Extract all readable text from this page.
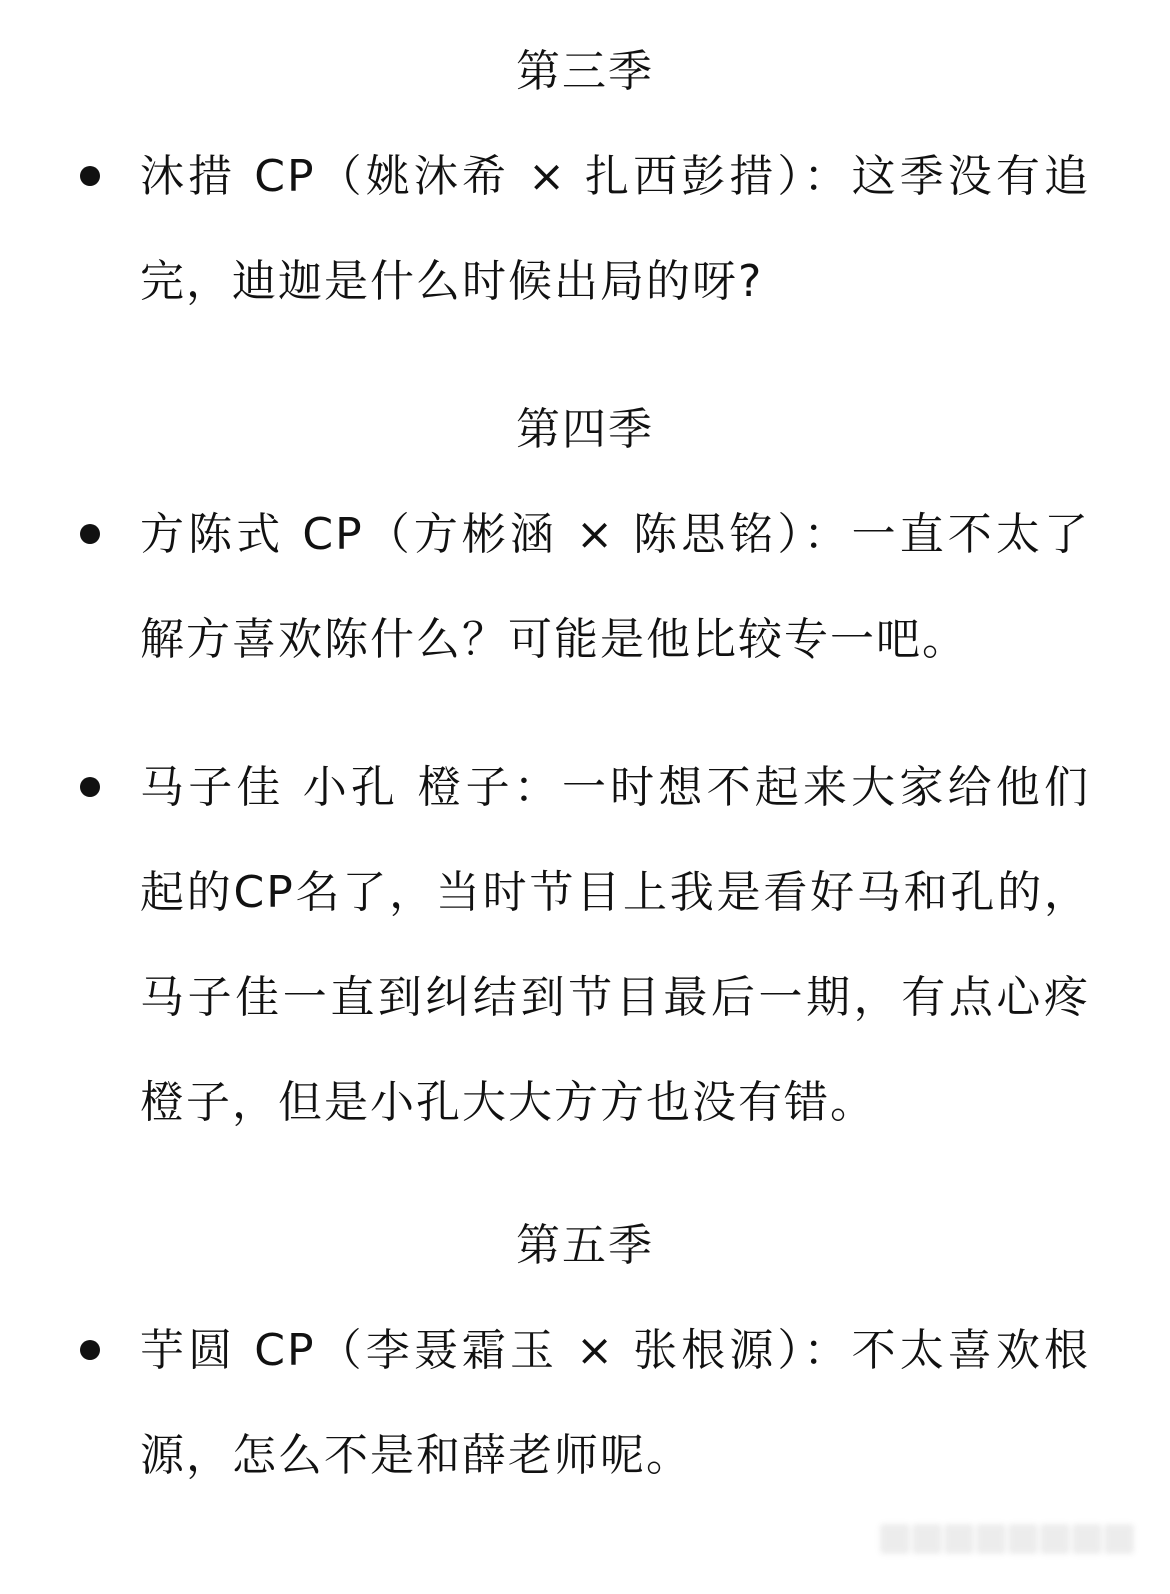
第三季

沐措 CP（姚沐希 × 扎西彭措）：这季没有追完，迪迦是什么时候出局的呀?

第四季

方陈式 CP（方彬涵 × 陈思铭）：一直不太了解方喜欢陈什么？可能是他比较专一吧。

马子佳 小孔 橙子：一时想不起来大家给他们起的CP名了，当时节目上我是看好马和孔的，马子佳一直到纠结到节目最后一期，有点心疼橙子，但是小孔大大方方也没有错。

第五季

芋圆 CP（李聂霜玉 × 张根源）：不太喜欢根源，怎么不是和薛老师呢。
